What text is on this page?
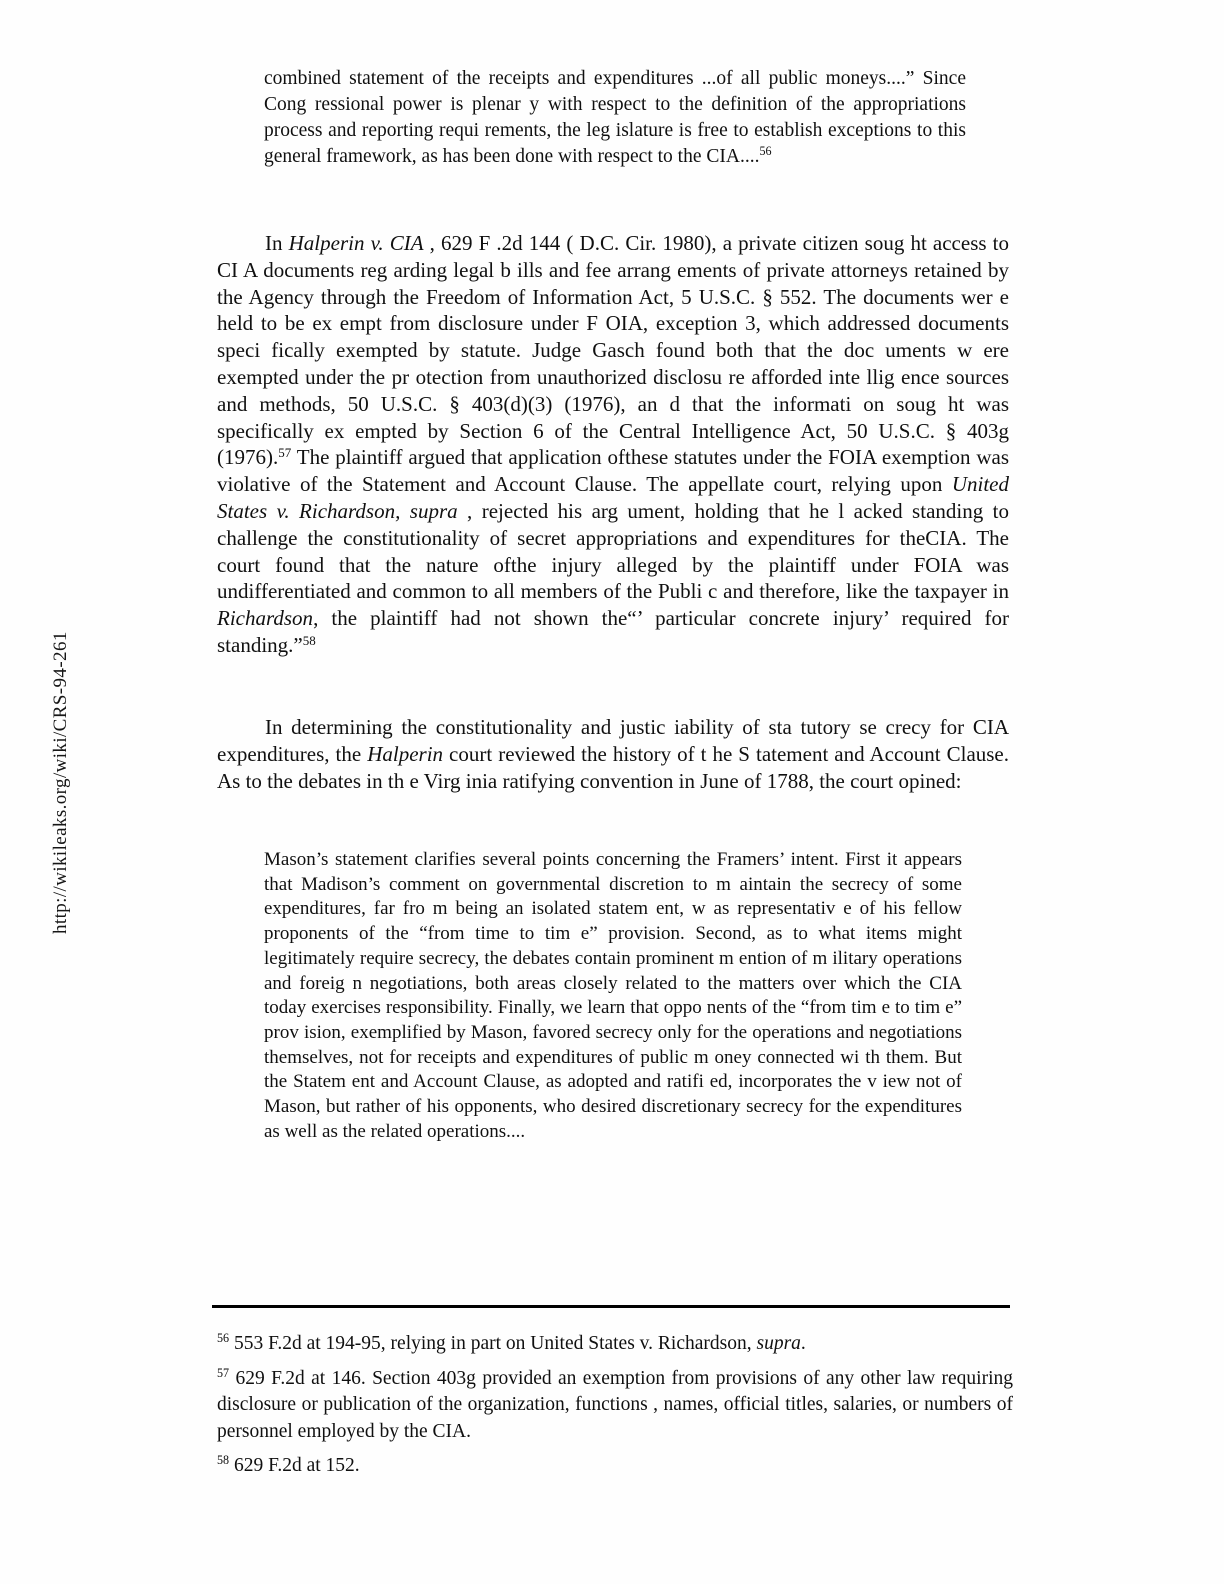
http://wikileaks.org/wiki/CRS-94-261
combined statement of the receipts and expenditures ...of all public moneys....” Since Cong ressional power is plenar y with respect to the definition of the appropriations process and reporting requi rements, the leg islature is free to establish exceptions to this general framework, as has been done with respect to the CIA....$^{56}$
In Halperin v. CIA , 629 F .2d 144 ( D.C. Cir. 1980), a private citizen soug ht access to CI A documents reg arding legal b ills and fee arrang ements of private attorneys retained by the Agency through the Freedom of Information Act, 5 U.S.C. § 552. The documents wer e held to be ex empt from disclosure under F OIA, exception 3, which addressed documents speci fically exempted by statute. Judge Gasch found both that the doc uments w ere exempted under the pr otection from unauthorized disclosu re afforded inte llig ence sources and methods, 50 U.S.C. § 403(d)(3) (1976), an d that the informati on soug ht was specifically ex empted by Section 6 of the Central Intelligence Act, 50 U.S.C. § 403g (1976).$^{57}$ The plaintiff argued that application ofthese statutes under the FOIA exemption was violative of the Statement and Account Clause. The appellate court, relying upon United States v. Richardson, supra , rejected his arg ument, holding that he l acked standing to challenge the constitutionality of secret appropriations and expenditures for theCIA. The court found that the nature ofthe injury alleged by the plaintiff under FOIA was undifferentiated and common to all members of the Publi c and therefore, like the taxpayer in Richardson, the plaintiff had not shown the“’ particular concrete injury’ required for standing.”$^{58}$
In determining the constitutionality and justic iability of sta tutory se crecy for CIA expenditures, the Halperin court reviewed the history of t he S tatement and Account Clause. As to the debates in th e Virg inia ratifying convention in June of 1788, the court opined:
Mason’s statement clarifies several points concerning the Framers’ intent. First it appears that Madison’s comment on governmental discretion to m aintain the secrecy of some expenditures, far fro m being an isolated statem ent, w as representativ e of his fellow proponents of the “from time to tim e” provision. Second, as to what items might legitimately require secrecy, the debates contain prominent m ention of m ilitary operations and foreig n negotiations, both areas closely related to the matters over which the CIA today exercises responsibility. Finally, we learn that oppo nents of the “from tim e to tim e” prov ision, exemplified by Mason, favored secrecy only for the operations and negotiations themselves, not for receipts and expenditures of public m oney connected wi th them. But the Statem ent and Account Clause, as adopted and ratifi ed, incorporates the v iew not of Mason, but rather of his opponents, who desired discretionary secrecy for the expenditures as well as the related operations....
$^{56}$ 553 F.2d at 194-95, relying in part on United States v. Richardson, supra.
$^{57}$ 629 F.2d at 146. Section 403g provided an exemption from provisions of any other law requiring disclosure or publication of the organization, functions , names, official titles, salaries, or numbers of personnel employed by the CIA.
$^{58}$ 629 F.2d at 152.
